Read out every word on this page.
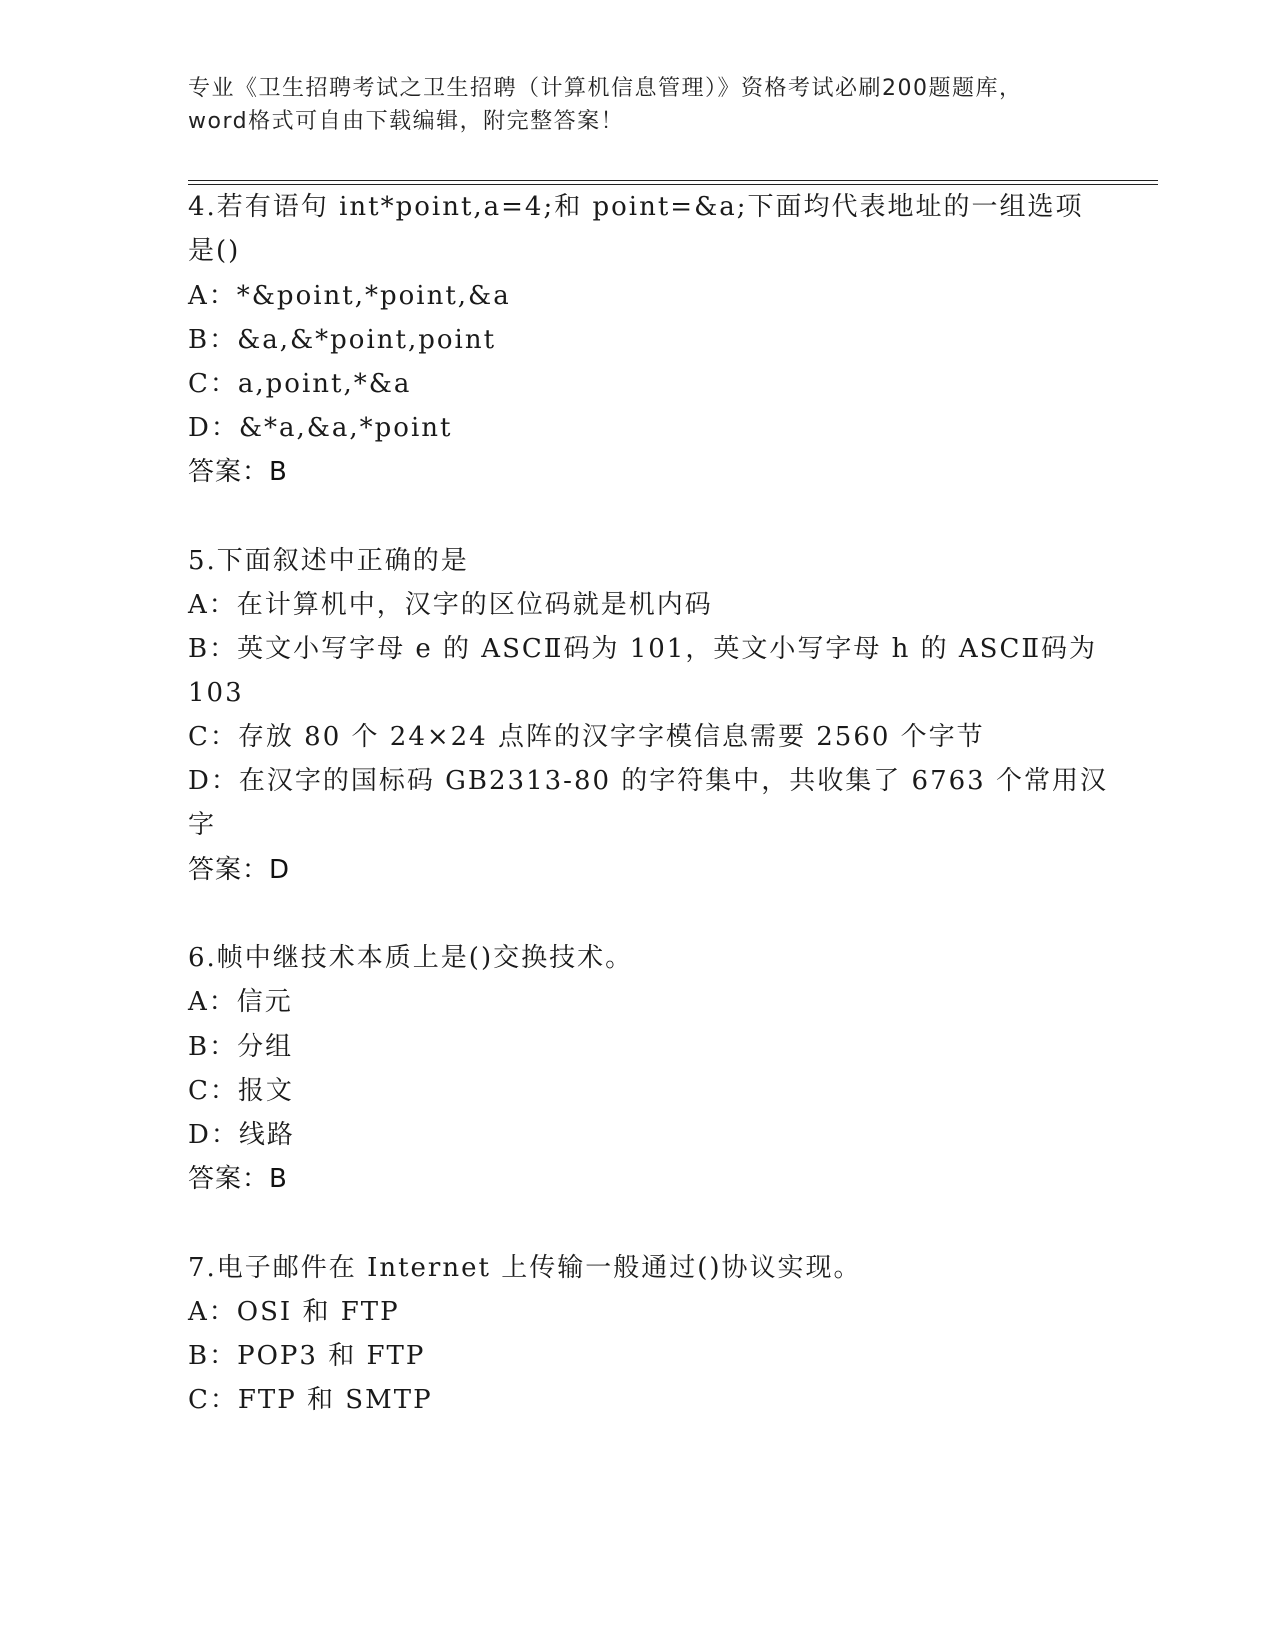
专业《卫生招聘考试之卫生招聘（计算机信息管理）》资格考试必刷200题题库，
word格式可自由下载编辑，附完整答案！
4.若有语句 int*point,a=4;和 point=&a;下面均代表地址的一组选项
是()
A：*&point,*point,&a
B：&a,&*point,point
C：a,point,*&a
D：&*a,&a,*point
答案：B
5.下面叙述中正确的是
A：在计算机中，汉字的区位码就是机内码
B：英文小写字母 e 的 ASCⅡ码为 101，英文小写字母 h 的 ASCⅡ码为
103
C：存放 80 个 24×24 点阵的汉字字模信息需要 2560 个字节
D：在汉字的国标码 GB2313-80 的字符集中，共收集了 6763 个常用汉
字
答案：D
6.帧中继技术本质上是()交换技术。
A：信元
B：分组
C：报文
D：线路
答案：B
7.电子邮件在 Internet 上传输一般通过()协议实现。
A：OSI 和 FTP
B：POP3 和 FTP
C：FTP 和 SMTP
